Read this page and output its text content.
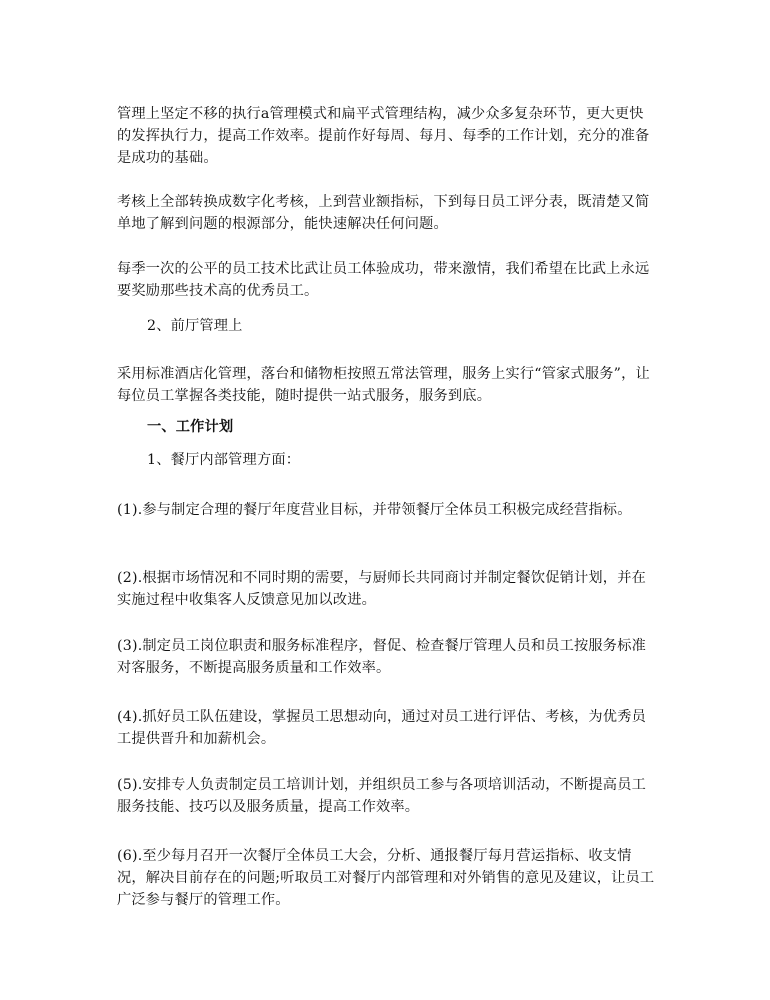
管理上坚定不移的执行a管理模式和扁平式管理结构，减少众多复杂环节，更大更快的发挥执行力，提高工作效率。提前作好每周、每月、每季的工作计划，充分的准备是成功的基础。

考核上全部转换成数字化考核，上到营业额指标，下到每日员工评分表，既清楚又简单地了解到问题的根源部分，能快速解决任何问题。

每季一次的公平的员工技术比武让员工体验成功，带来激情，我们希望在比武上永远要奖励那些技术高的优秀员工。

2、前厅管理上

采用标准酒店化管理，落台和储物柜按照五常法管理，服务上实行“管家式服务”，让每位员工掌握各类技能，随时提供一站式服务，服务到底。

一、工作计划

1、餐厅内部管理方面：

(1).参与制定合理的餐厅年度营业目标，并带领餐厅全体员工积极完成经营指标。

(2).根据市场情况和不同时期的需要，与厨师长共同商讨并制定餐饮促销计划，并在实施过程中收集客人反馈意见加以改进。

(3).制定员工岗位职责和服务标准程序，督促、检查餐厅管理人员和员工按服务标准对客服务，不断提高服务质量和工作效率。

(4).抓好员工队伍建设，掌握员工思想动向，通过对员工进行评估、考核，为优秀员工提供晋升和加薪机会。

(5).安排专人负责制定员工培训计划，并组织员工参与各项培训活动，不断提高员工服务技能、技巧以及服务质量，提高工作效率。

(6).至少每月召开一次餐厅全体员工大会，分析、通报餐厅每月营运指标、收支情况，解决目前存在的问题;听取员工对餐厅内部管理和对外销售的意见及建议，让员工广泛参与餐厅的管理工作。
